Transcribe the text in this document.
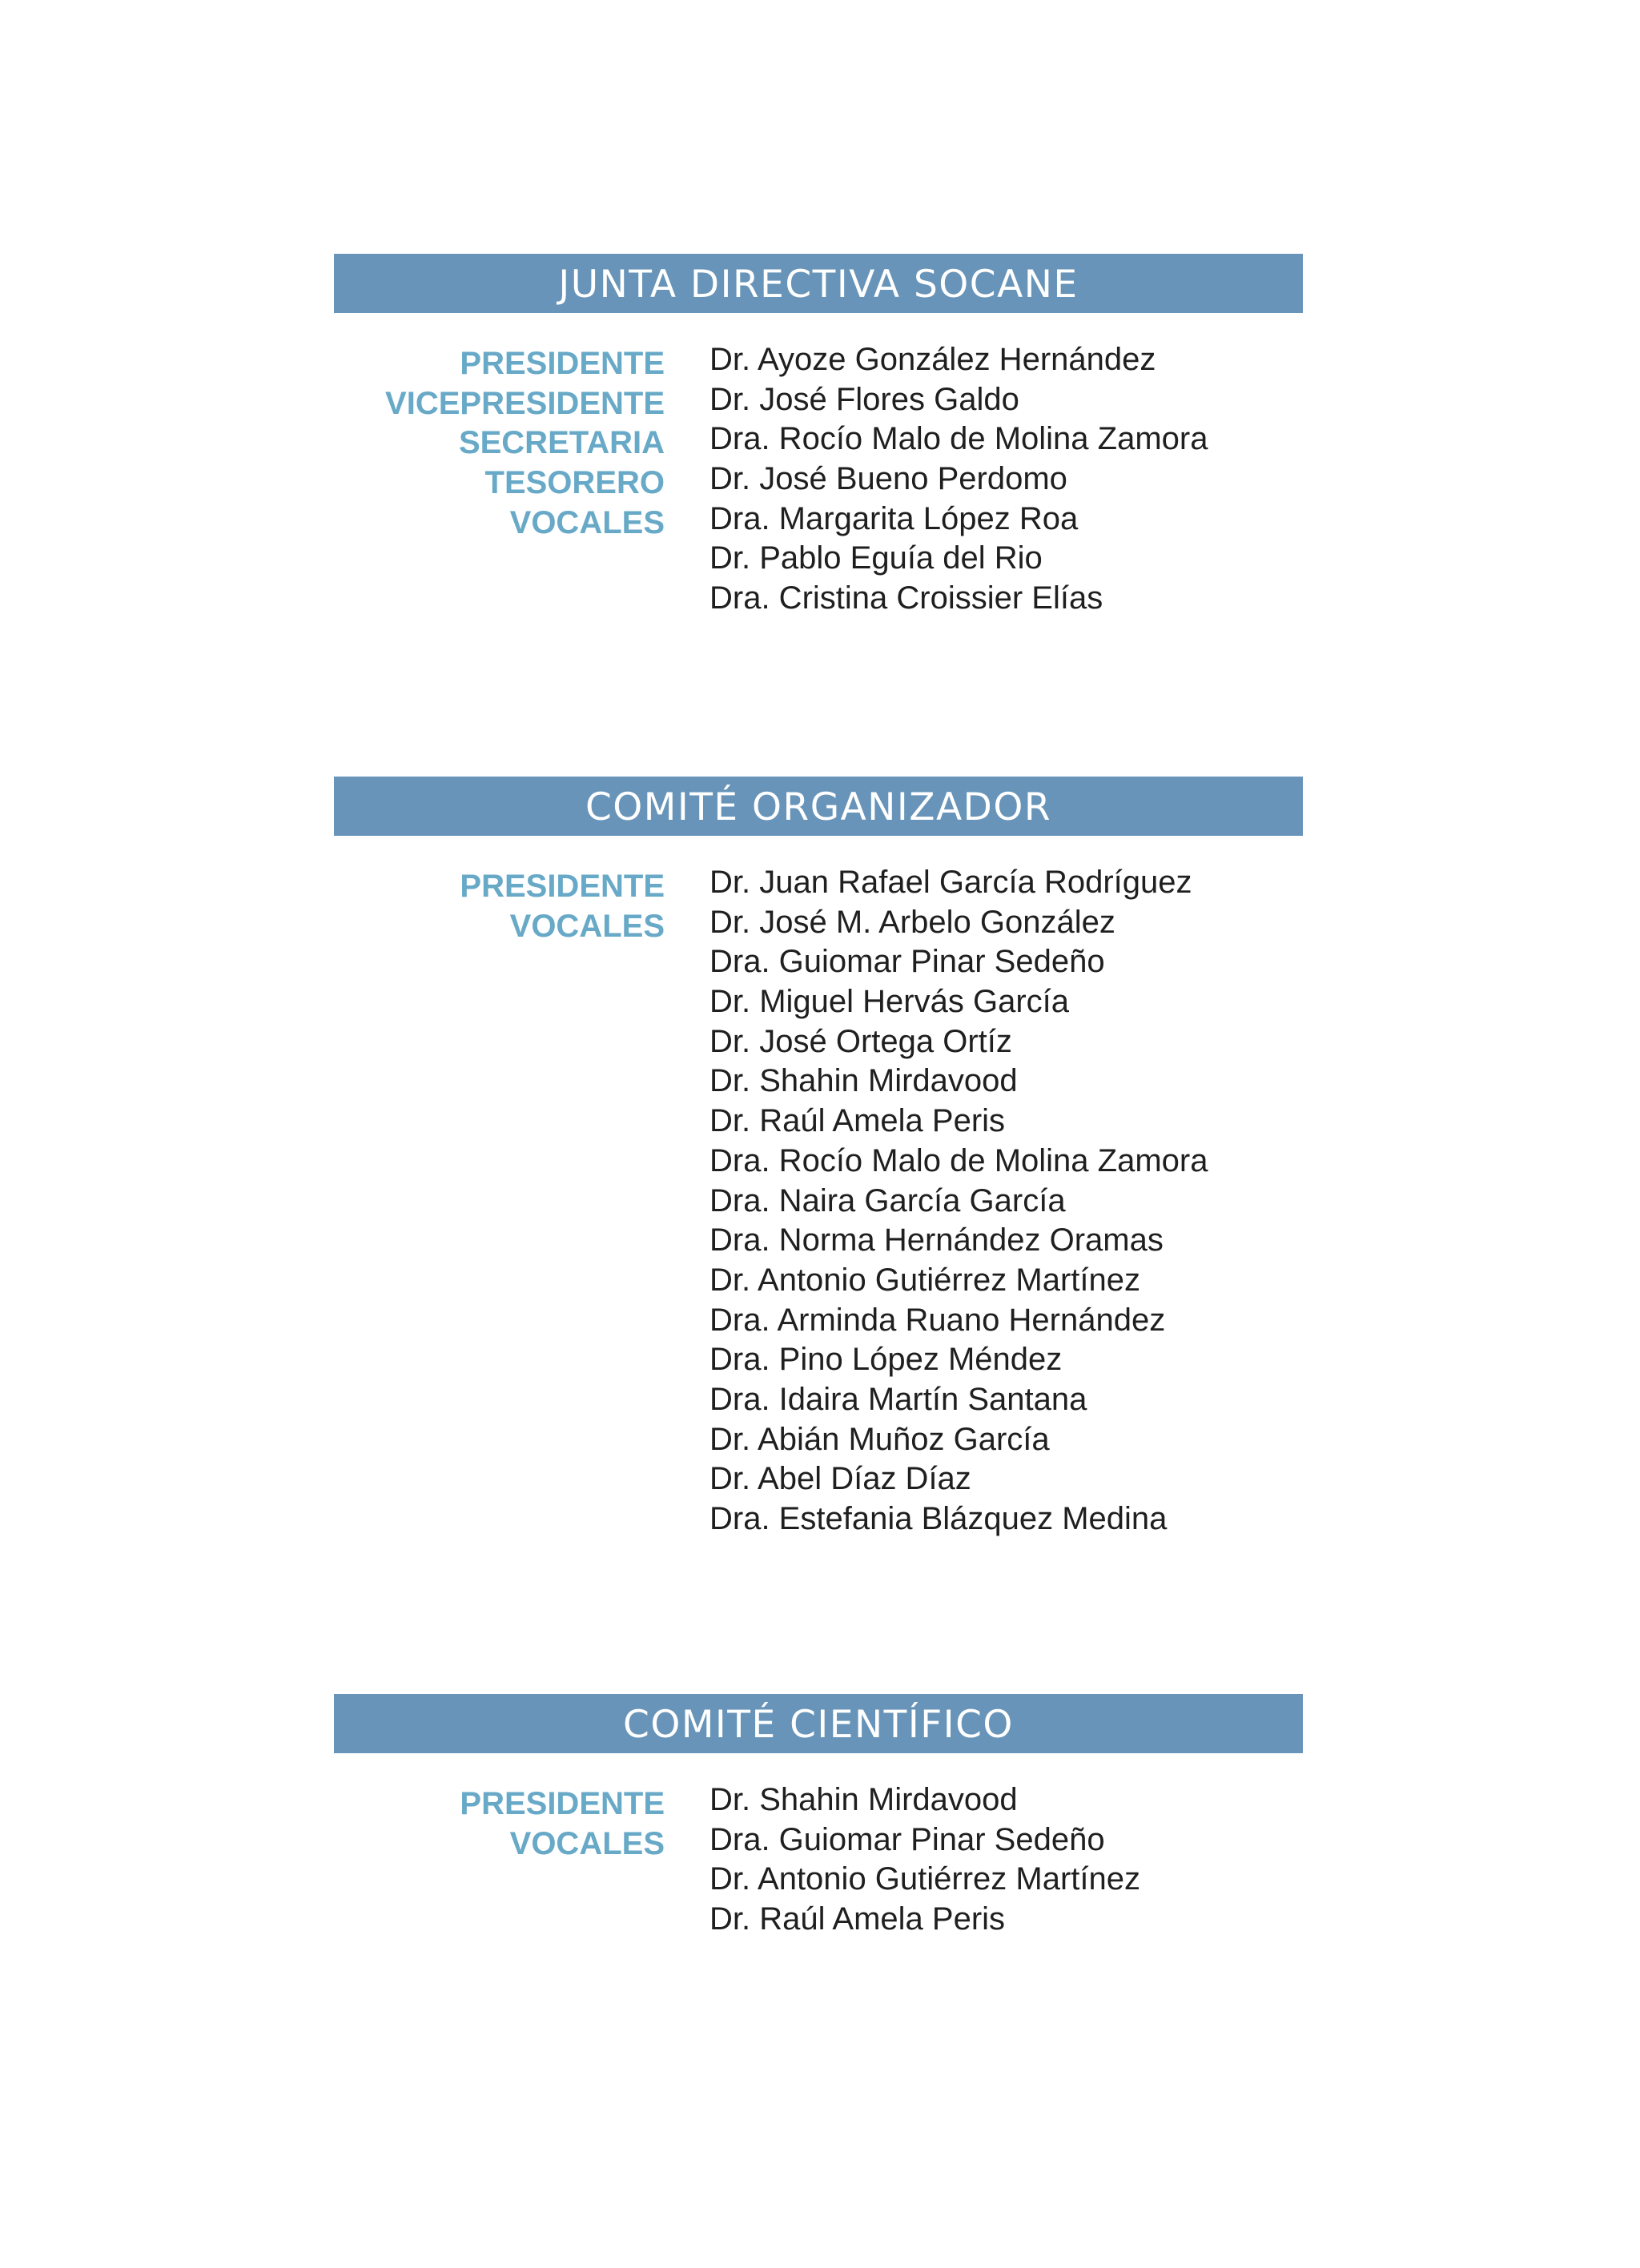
JUNTA DIRECTIVA SOCANE
PRESIDENTE Dr. Ayoze González Hernández
VICEPRESIDENTE Dr. José Flores Galdo
SECRETARIA Dra. Rocío Malo de Molina Zamora
TESORERO Dr. José Bueno Perdomo
VOCALES Dra. Margarita López Roa
Dr. Pablo Eguía del Rio
Dra. Cristina Croissier Elías
COMITÉ ORGANIZADOR
PRESIDENTE Dr. Juan Rafael García Rodríguez
VOCALES Dr. José M. Arbelo González
Dra. Guiomar Pinar Sedeño
Dr. Miguel Hervás García
Dr. José Ortega Ortíz
Dr. Shahin Mirdavood
Dr. Raúl Amela Peris
Dra. Rocío Malo de Molina Zamora
Dra. Naira García García
Dra. Norma Hernández Oramas
Dr. Antonio Gutiérrez Martínez
Dra. Arminda Ruano Hernández
Dra. Pino López Méndez
Dra. Idaira Martín Santana
Dr. Abián Muñoz García
Dr. Abel Díaz Díaz
Dra. Estefania Blázquez Medina
COMITÉ CIENTÍFICO
PRESIDENTE Dr. Shahin Mirdavood
VOCALES Dra. Guiomar Pinar Sedeño
Dr. Antonio Gutiérrez Martínez
Dr. Raúl Amela Peris
